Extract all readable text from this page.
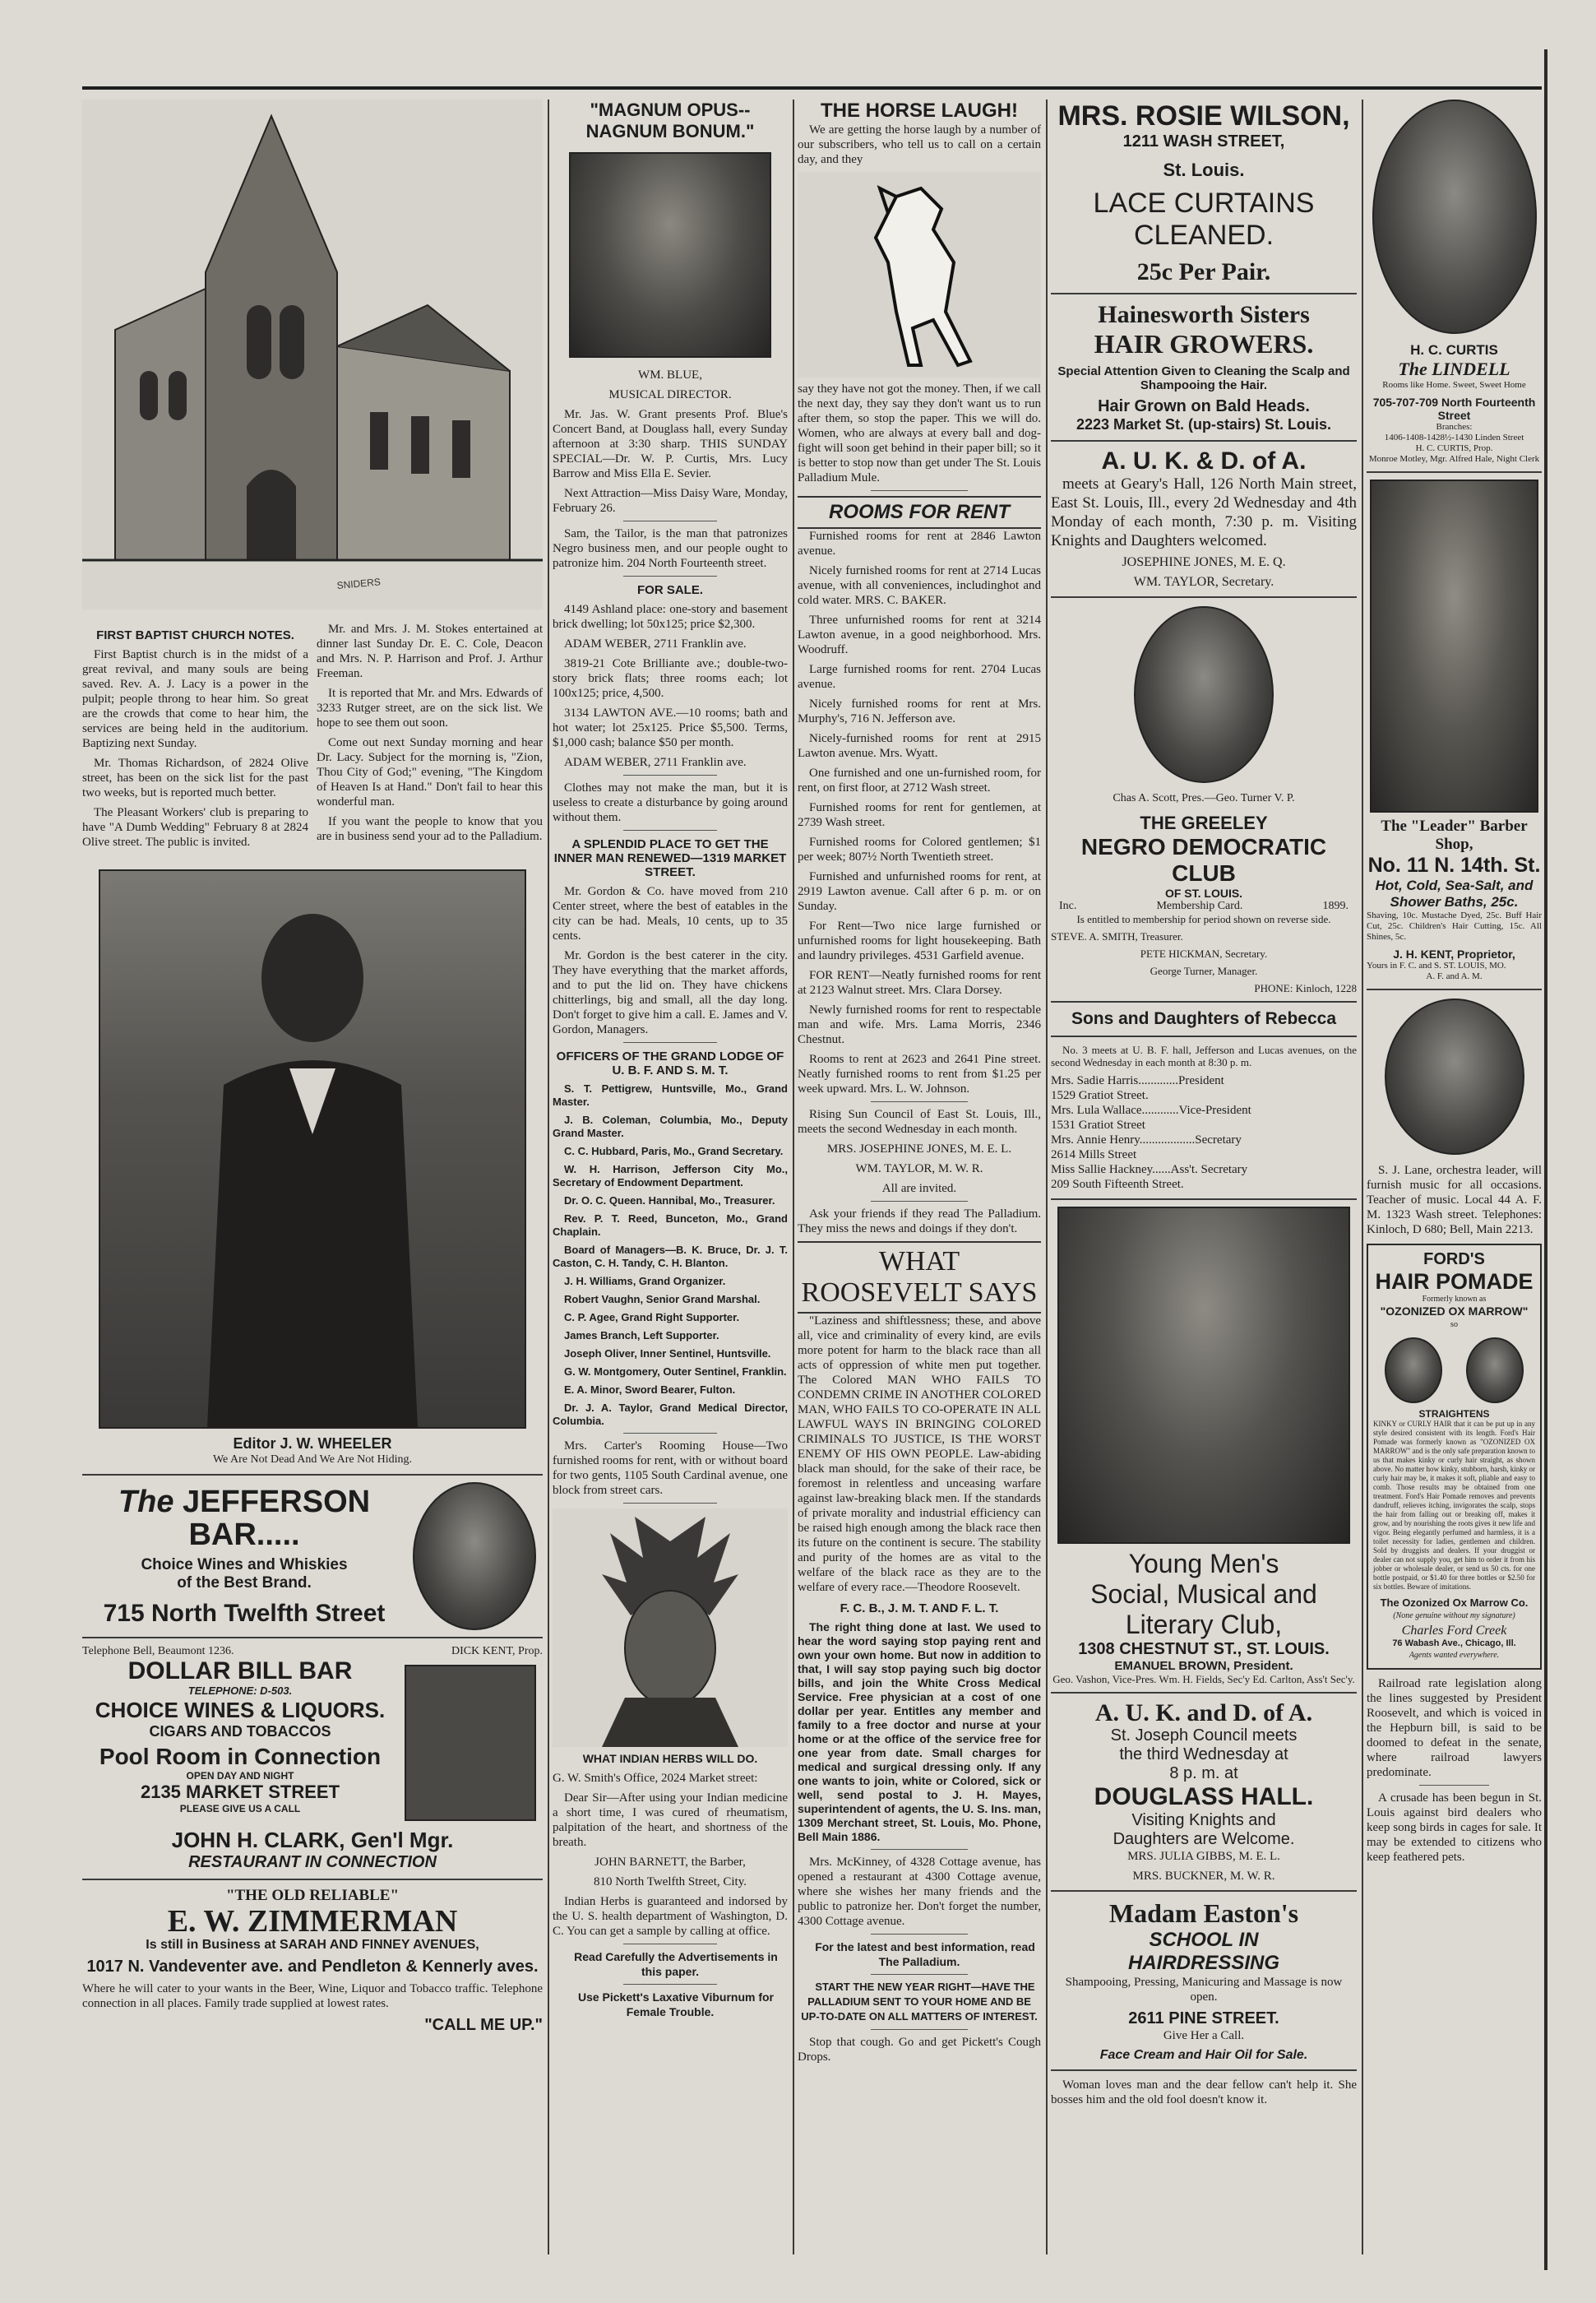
SNIDERS
FIRST BAPTIST CHURCH NOTES.

First Baptist church is in the midst of a great revival, and many souls are being saved. Rev. A. J. Lacy is a power in the pulpit; people throng to hear him. So great are the crowds that come to hear him, the services are being held in the auditorium. Baptizing next Sunday.

Mr. Thomas Richardson, of 2824 Olive street, has been on the sick list for the past two weeks, but is reported much better.

The Pleasant Workers' club is preparing to have "A Dumb Wedding" February 8 at 2824 Olive street. The public is invited.

Mr. and Mrs. J. M. Stokes entertained at dinner last Sunday Dr. E. C. Cole, Deacon and Mrs. N. P. Harrison and Prof. J. Arthur Freeman.

It is reported that Mr. and Mrs. Edwards of 3233 Rutger street, are on the sick list. We hope to see them out soon.

Come out next Sunday morning and hear Dr. Lacy. Subject for the morning is, "Zion, Thou City of God;" evening, "The Kingdom of Heaven Is at Hand." Don't fail to hear this wonderful man.

If you want the people to know that you are in business send your ad to the Palladium.

Editor J. W. WHEELER

We Are Not Dead And We Are Not Hiding.

The JEFFERSON
BAR.....
Choice Wines and Whiskies
of the Best Brand.
715 North Twelfth Street
Telephone Bell, Beaumont 1236.	DICK KENT, Prop.
DOLLAR BILL BAR
TELEPHONE: D-503.
CHOICE WINES & LIQUORS.
CIGARS AND TOBACCOS
Pool Room in Connection
OPEN DAY AND NIGHT
2135 MARKET STREET
PLEASE GIVE US A CALL
JOHN H. CLARK, Gen'l Mgr.
RESTAURANT IN CONNECTION
"THE OLD RELIABLE"
E. W. ZIMMERMAN
Is still in Business at SARAH AND FINNEY AVENUES,
1017 N. Vandeventer ave. and Pendleton & Kennerly aves.

Where he will cater to your wants in the Beer, Wine, Liquor and Tobacco traffic. Telephone connection in all places. Family trade supplied at lowest rates.

"CALL ME UP."
"MAGNUM OPUS--
NAGNUM BONUM."

WM. BLUE,

MUSICAL DIRECTOR.

Mr. Jas. W. Grant presents Prof. Blue's Concert Band, at Douglass hall, every Sunday afternoon at 3:30 sharp. THIS SUNDAY SPECIAL—Dr. W. P. Curtis, Mrs. Lucy Barrow and Miss Ella E. Sevier.

Next Attraction—Miss Daisy Ware, Monday, February 26.

Sam, the Tailor, is the man that patronizes Negro business men, and our people ought to patronize him. 204 North Fourteenth street.

FOR SALE.

4149 Ashland place: one-story and basement brick dwelling; lot 50x125; price $2,300.

ADAM WEBER, 2711 Franklin ave.

3819-21 Cote Brilliante ave.; double-two-story brick flats; three rooms each; lot 100x125; price, 4,500.

3134 LAWTON AVE.—10 rooms; bath and hot water; lot 25x125. Price $5,500. Terms, $1,000 cash; balance $50 per month.

ADAM WEBER, 2711 Franklin ave.

Clothes may not make the man, but it is useless to create a disturbance by going around without them.

A SPLENDID PLACE TO GET THE INNER MAN RENEWED—1319 MARKET STREET.

Mr. Gordon & Co. have moved from 210 Center street, where the best of eatables in the city can be had. Meals, 10 cents, up to 35 cents.

Mr. Gordon is the best caterer in the city. They have everything that the market affords, and to put the lid on. They have chickens chitterlings, big and small, all the day long. Don't forget to give him a call. E. James and V. Gordon, Managers.

OFFICERS OF THE GRAND LODGE OF U. B. F. AND S. M. T.

S. T. Pettigrew, Huntsville, Mo., Grand Master.

J. B. Coleman, Columbia, Mo., Deputy Grand Master.

C. C. Hubbard, Paris, Mo., Grand Secretary.

W. H. Harrison, Jefferson City Mo., Secretary of Endowment Department.

Dr. O. C. Queen. Hannibal, Mo., Treasurer.

Rev. P. T. Reed, Bunceton, Mo., Grand Chaplain.

Board of Managers—B. K. Bruce, Dr. J. T. Caston, C. H. Tandy, C. H. Blanton.

J. H. Williams, Grand Organizer.

Robert Vaughn, Senior Grand Marshal.

C. P. Agee, Grand Right Supporter.

James Branch, Left Supporter.

Joseph Oliver, Inner Sentinel, Huntsville.

G. W. Montgomery, Outer Sentinel, Franklin.

E. A. Minor, Sword Bearer, Fulton.

Dr. J. A. Taylor, Grand Medical Director, Columbia.

Mrs. Carter's Rooming House—Two furnished rooms for rent, with or without board for two gents, 1105 South Cardinal avenue, one block from street cars.

WHAT INDIAN HERBS WILL DO.

G. W. Smith's Office, 2024 Market street:

Dear Sir—After using your Indian medicine a short time, I was cured of rheumatism, palpitation of the heart, and shortness of the breath.

JOHN BARNETT, the Barber,

810 North Twelfth Street, City.

Indian Herbs is guaranteed and indorsed by the U. S. health department of Washington, D. C. You can get a sample by calling at office.

Read Carefully the Advertisements in this paper.

Use Pickett's Laxative Viburnum for Female Trouble.

THE HORSE LAUGH!

We are getting the horse laugh by a number of our subscribers, who tell us to call on a certain day, and they

say they have not got the money. Then, if we call the next day, they say they don't want us to run after them, so stop the paper. This we will do. Women, who are always at every ball and dog-fight will soon get behind in their paper bill; so it is better to stop now than get under The St. Louis Palladium Mule.

ROOMS FOR RENT

Furnished rooms for rent at 2846 Lawton avenue.

Nicely furnished rooms for rent at 2714 Lucas avenue, with all conveniences, includinghot and cold water. MRS. C. BAKER.

Three unfurnished rooms for rent at 3214 Lawton avenue, in a good neighborhood. Mrs. Woodruff.

Large furnished rooms for rent. 2704 Lucas avenue.

Nicely furnished rooms for rent at Mrs. Murphy's, 716 N. Jefferson ave.

Nicely-furnished rooms for rent at 2915 Lawton avenue. Mrs. Wyatt.

One furnished and one un-furnished room, for rent, on first floor, at 2712 Wash street.

Furnished rooms for rent for gentlemen, at 2739 Wash street.

Furnished rooms for Colored gentlemen; $1 per week; 807½ North Twentieth street.

Furnished and unfurnished rooms for rent, at 2919 Lawton avenue. Call after 6 p. m. or on Sunday.

For Rent—Two nice large furnished or unfurnished rooms for light housekeeping. Bath and laundry privileges. 4531 Garfield avenue.

FOR RENT—Neatly furnished rooms for rent at 2123 Walnut street. Mrs. Clara Dorsey.

Newly furnished rooms for rent to respectable man and wife. Mrs. Lama Morris, 2346 Chestnut.

Rooms to rent at 2623 and 2641 Pine street. Neatly furnished rooms to rent from $1.25 per week upward. Mrs. L. W. Johnson.

Rising Sun Council of East St. Louis, Ill., meets the second Wednesday in each month.

MRS. JOSEPHINE JONES, M. E. L.

WM. TAYLOR, M. W. R.

All are invited.

Ask your friends if they read The Palladium. They miss the news and doings if they don't.

WHAT ROOSEVELT SAYS

"Laziness and shiftlessness; these, and above all, vice and criminality of every kind, are evils more potent for harm to the black race than all acts of oppression of white men put together. The Colored MAN WHO FAILS TO CONDEMN CRIME IN ANOTHER COLORED MAN, WHO FAILS TO CO-OPERATE IN ALL LAWFUL WAYS IN BRINGING COLORED CRIMINALS TO JUSTICE, IS THE WORST ENEMY OF HIS OWN PEOPLE. Law-abiding black man should, for the sake of their race, be foremost in relentless and unceasing warfare against law-breaking black men. If the standards of private morality and industrial efficiency can be raised high enough among the black race then its future on the continent is secure. The stability and purity of the homes are as vital to the welfare of the black race as they are to the welfare of every race.—Theodore Roosevelt.

F. C. B., J. M. T. AND F. L. T.

The right thing done at last. We used to hear the word saying stop paying rent and own your own home. But now in addition to that, I will say stop paying such big doctor bills, and join the White Cross Medical Service. Free physician at a cost of one dollar per year. Entitles any member and family to a free doctor and nurse at your home or at the office of the service free for one year from date. Small charges for medical and surgical dressing only. If any one wants to join, white or Colored, sick or well, send postal to J. H. Mayes, superintendent of agents, the U. S. Ins. man, 1309 Merchant street, St. Louis, Mo. Phone, Bell Main 1886.

Mrs. McKinney, of 4328 Cottage avenue, has opened a restaurant at 4300 Cottage avenue, where she wishes her many friends and the public to patronize her. Don't forget the number, 4300 Cottage avenue.

For the latest and best information, read The Palladium.

START THE NEW YEAR RIGHT—HAVE THE PALLADIUM SENT TO YOUR HOME AND BE UP-TO-DATE ON ALL MATTERS OF INTEREST.

Stop that cough. Go and get Pickett's Cough Drops.

MRS. ROSIE WILSON,
1211 WASH STREET,
St. Louis.
LACE CURTAINS CLEANED.
25c Per Pair.
Hainesworth Sisters
HAIR GROWERS.
Special Attention Given to Cleaning the Scalp and Shampooing the Hair.
Hair Grown on Bald Heads.
2223 Market St. (up-stairs) St. Louis.
A. U. K. & D. of A.

meets at Geary's Hall, 126 North Main street, East St. Louis, Ill., every 2d Wednesday and 4th Monday of each month, 7:30 p. m. Visiting Knights and Daughters welcomed.

JOSEPHINE JONES, M. E. Q.

WM. TAYLOR, Secretary.

Chas A. Scott, Pres.—Geo. Turner V. P.

THE GREELEY
NEGRO DEMOCRATIC CLUB
OF ST. LOUIS.
Inc.	Membership Card.	1899.

Is entitled to membership for period shown on reverse side.

STEVE. A. SMITH, Treasurer.

PETE HICKMAN, Secretary.

George Turner, Manager.

PHONE: Kinloch, 1228

Sons and Daughters of Rebecca

No. 3 meets at U. B. F. hall, Jefferson and Lucas avenues, on the second Wednesday in each month at 8:30 p. m.

Mrs. Sadie Harris.............President

1529 Gratiot Street.

Mrs. Lula Wallace............Vice-President

1531 Gratiot Street

Mrs. Annie Henry..................Secretary

2614 Mills Street

Miss Sallie Hackney......Ass't. Secretary

209 South Fifteenth Street.

Young Men's
Social, Musical and
Literary Club,
1308 CHESTNUT ST., ST. LOUIS.
EMANUEL BROWN, President.

Geo. Vashon, Vice-Pres. Wm. H. Fields, Sec'y Ed. Carlton, Ass't Sec'y.

A. U. K. and D. of A.
St. Joseph Council meets
the third Wednesday at
8 p. m. at
DOUGLASS HALL.
Visiting Knights and
Daughters are Welcome.

MRS. JULIA GIBBS, M. E. L.

MRS. BUCKNER, M. W. R.

Madam Easton's
SCHOOL IN
HAIRDRESSING

Shampooing, Pressing, Manicuring and Massage is now open.

2611 PINE STREET.

Give Her a Call.

Face Cream and Hair Oil for Sale.

Woman loves man and the dear fellow can't help it. She bosses him and the old fool doesn't know it.

H. C. CURTIS
The LINDELL

Rooms like Home. Sweet, Sweet Home

705-707-709 North Fourteenth Street

Branches:

1406-1408-1428½-1430 Linden Street

H. C. CURTIS, Prop.

Monroe Motley, Mgr. Alfred Hale, Night Clerk

The "Leader" Barber Shop,
No. 11 N. 14th. St.
Hot, Cold, Sea-Salt, and Shower Baths, 25c.

Shaving, 10c. Mustache Dyed, 25c. Buff Hair Cut, 25c. Children's Hair Cutting, 15c. All Shines, 5c.

J. H. KENT, Proprietor,

Yours in F. C. and S. ST. LOUIS, MO.

A. F. and A. M.

S. J. Lane, orchestra leader, will furnish music for all occasions. Teacher of music. Local 44 A. F. M. 1323 Wash street. Telephones: Kinloch, D 680; Bell, Main 2213.

FORD'S
HAIR POMADE

Formerly known as

"OZONIZED OX MARROW"

so

STRAIGHTENS

KINKY or CURLY HAIR that it can be put up in any style desired consistent with its length. Ford's Hair Pomade was formerly known as "OZONIZED OX MARROW" and is the only safe preparation known to us that makes kinky or curly hair straight, as shown above. No matter how kinky, stubborn, harsh, kinky or curly hair may be, it makes it soft, pliable and easy to comb. Those results may be obtained from one treatment. Ford's Hair Pomade removes and prevents dandruff, relieves itching, invigorates the scalp, stops the hair from falling out or breaking off, makes it grow, and by nourishing the roots gives it new life and vigor. Being elegantly perfumed and harmless, it is a toilet necessity for ladies, gentlemen and children. Sold by druggists and dealers. If your druggist or dealer can not supply you, get him to order it from his jobber or wholesale dealer, or send us 50 cts. for one bottle postpaid, or $1.40 for three bottles or $2.50 for six bottles. Beware of imitations.

The Ozonized Ox Marrow Co.

(None genuine without my signature)

Charles Ford Creek
76 Wabash Ave., Chicago, Ill.

Agents wanted everywhere.

Railroad rate legislation along the lines suggested by President Roosevelt, and which is voiced in the Hepburn bill, is said to be doomed to defeat in the senate, where railroad lawyers predominate.

A crusade has been begun in St. Louis against bird dealers who keep song birds in cages for sale. It may be extended to citizens who keep feathered pets.
